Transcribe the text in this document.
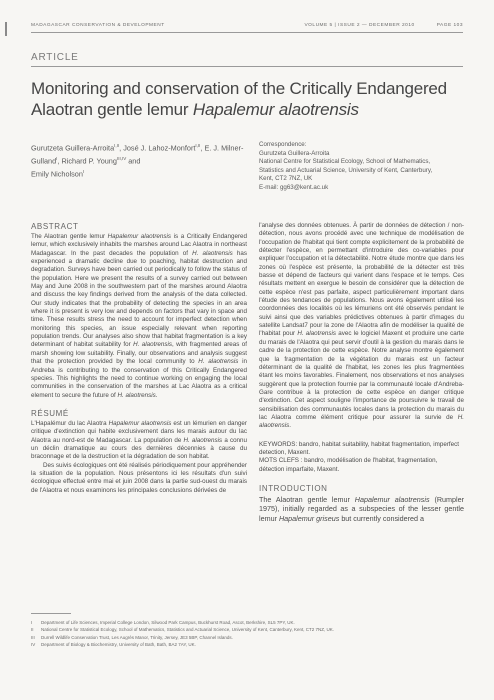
MADAGASCAR CONSERVATION & DEVELOPMENT	VOLUME 5 | ISSUE 2 — DECEMBER 2010	PAGE 103
ARTICLE
Monitoring and conservation of the Critically Endangered
Alaotran gentle lemur Hapalemur alaotrensis
Gurutzeta Guillera-Arroita$^{I,II}$, José J. Lahoz-Monfort$^{I,II}$, E. J. Milner-Gulland$^I$, Richard P. Young$^{III,IV}$ and
Emily Nicholson$^I$
Correspondence:
Gurutzeta Guillera-Arroita
National Centre for Statistical Ecology, School of Mathematics,
Statistics and Actuarial Science, University of Kent, Canterbury,
Kent, CT2 7NZ, UK
E-mail: gg63@kent.ac.uk
ABSTRACT

The Alaotran gentle lemur Hapalemur alaotrensis is a Critically Endangered lemur, which exclusively inhabits the marshes around Lac Alaotra in northeast Madagascar. In the past decades the population of H. alaotrensis has experienced a dramatic decline due to poaching, habitat destruction and degradation. Surveys have been carried out periodically to follow the status of the population. Here we present the results of a survey carried out between May and June 2008 in the southwestern part of the marshes around Alaotra and discuss the key findings derived from the analysis of the data collected. Our study indicates that the probability of detecting the species in an area where it is present is very low and depends on factors that vary in space and time. These results stress the need to account for imperfect detection when monitoring this species, an issue especially relevant when reporting population trends. Our analyses also show that habitat fragmentation is a key determinant of habitat suitability for H. alaotrensis, with fragmented areas of marsh showing low suitability. Finally, our observations and analysis suggest that the protection provided by the local community to H. alaotrensis in Andreba is contributing to the conservation of this Critically Endangered species. This highlights the need to continue working on engaging the local communities in the conservation of the marshes at Lac Alaotra as a critical element to secure the future of H. alaotrensis.

RÉSUMÉ

L'Hapalémur du lac Alaotra Hapalemur alaotrensis est un lémurien en danger critique d'extinction qui habite exclusivement dans les marais autour du lac Alaotra au nord-est de Madagascar. La population de H. alaotrensis a connu un déclin dramatique au cours des dernières décennies à cause du braconnage et de la destruction et la dégradation de son habitat.

Des suivis écologiques ont été réalisés périodiquement pour appréhender la situation de la population. Nous présentons ici les résultats d'un suivi écologique effectué entre mai et juin 2008 dans la partie sud-ouest du marais de l'Alaotra et nous examinons les principales conclusions dérivées de

l'analyse des données obtenues. À partir de données de détection / non-détection, nous avons procédé avec une technique de modélisation de l'occupation de l'habitat qui tient compte explicitement de la probabilité de détecter l'espèce, en permettant d'introduire des co-variables pour expliquer l'occupation et la détectabilité. Notre étude montre que dans les zones où l'espèce est présente, la probabilité de la détecter est très basse et dépend de facteurs qui varient dans l'espace et le temps. Ces résultats mettent en exergue le besoin de considérer que la détection de cette espèce n'est pas parfaite, aspect particulièrement important dans l'étude des tendances de populations. Nous avons également utilisé les coordonnées des localités où les lémuriens ont été observés pendant le suivi ainsi que des variables prédictives obtenues à partir d'images du satellite Landsat7 pour la zone de l'Alaotra afin de modéliser la qualité de l'habitat pour H. alaotrensis avec le logiciel Maxent et produire une carte du marais de l'Alaotra qui peut servir d'outil à la gestion du marais dans le cadre de la protection de cette espèce. Notre analyse montre également que la fragmentation de la végétation du marais est un facteur déterminant de la qualité de l'habitat, les zones les plus fragmentées étant les moins favorables. Finalement, nos observations et nos analyses suggèrent que la protection fournie par la communauté locale d'Andreba-Gare contribue à la protection de cette espèce en danger critique d'extinction. Cet aspect souligne l'importance de poursuivre le travail de sensibilisation des communautés locales dans la protection du marais du lac Alaotra comme élément critique pour assurer la survie de H. alaotrensis.

KEYWORDS: bandro, habitat suitability, habitat fragmentation, imperfect detection, Maxent.

MOTS CLEFS : bandro, modélisation de l'habitat, fragmentation, détection imparfaite, Maxent.

INTRODUCTION

The Alaotran gentle lemur Hapalemur alaotrensis (Rumpler 1975), initially regarded as a subspecies of the lesser gentle lemur Hapalemur griseus but currently considered a

I	Department of Life Sciences, Imperial College London, Silwood Park Campus, Buckhurst Road, Ascot, Berkshire, SL5 7PY, UK.
II	National Centre for Statistical Ecology, School of Mathematics, Statistics and Actuarial Science, University of Kent, Canterbury, Kent, CT2 7NZ, UK.
III	Durrell Wildlife Conservation Trust, Les Augrès Manor, Trinity, Jersey, JE3 5BP, Channel Islands.
IV	Department of Biology & Biochemistry, University of Bath, Bath, BA2 7AY, UK.
